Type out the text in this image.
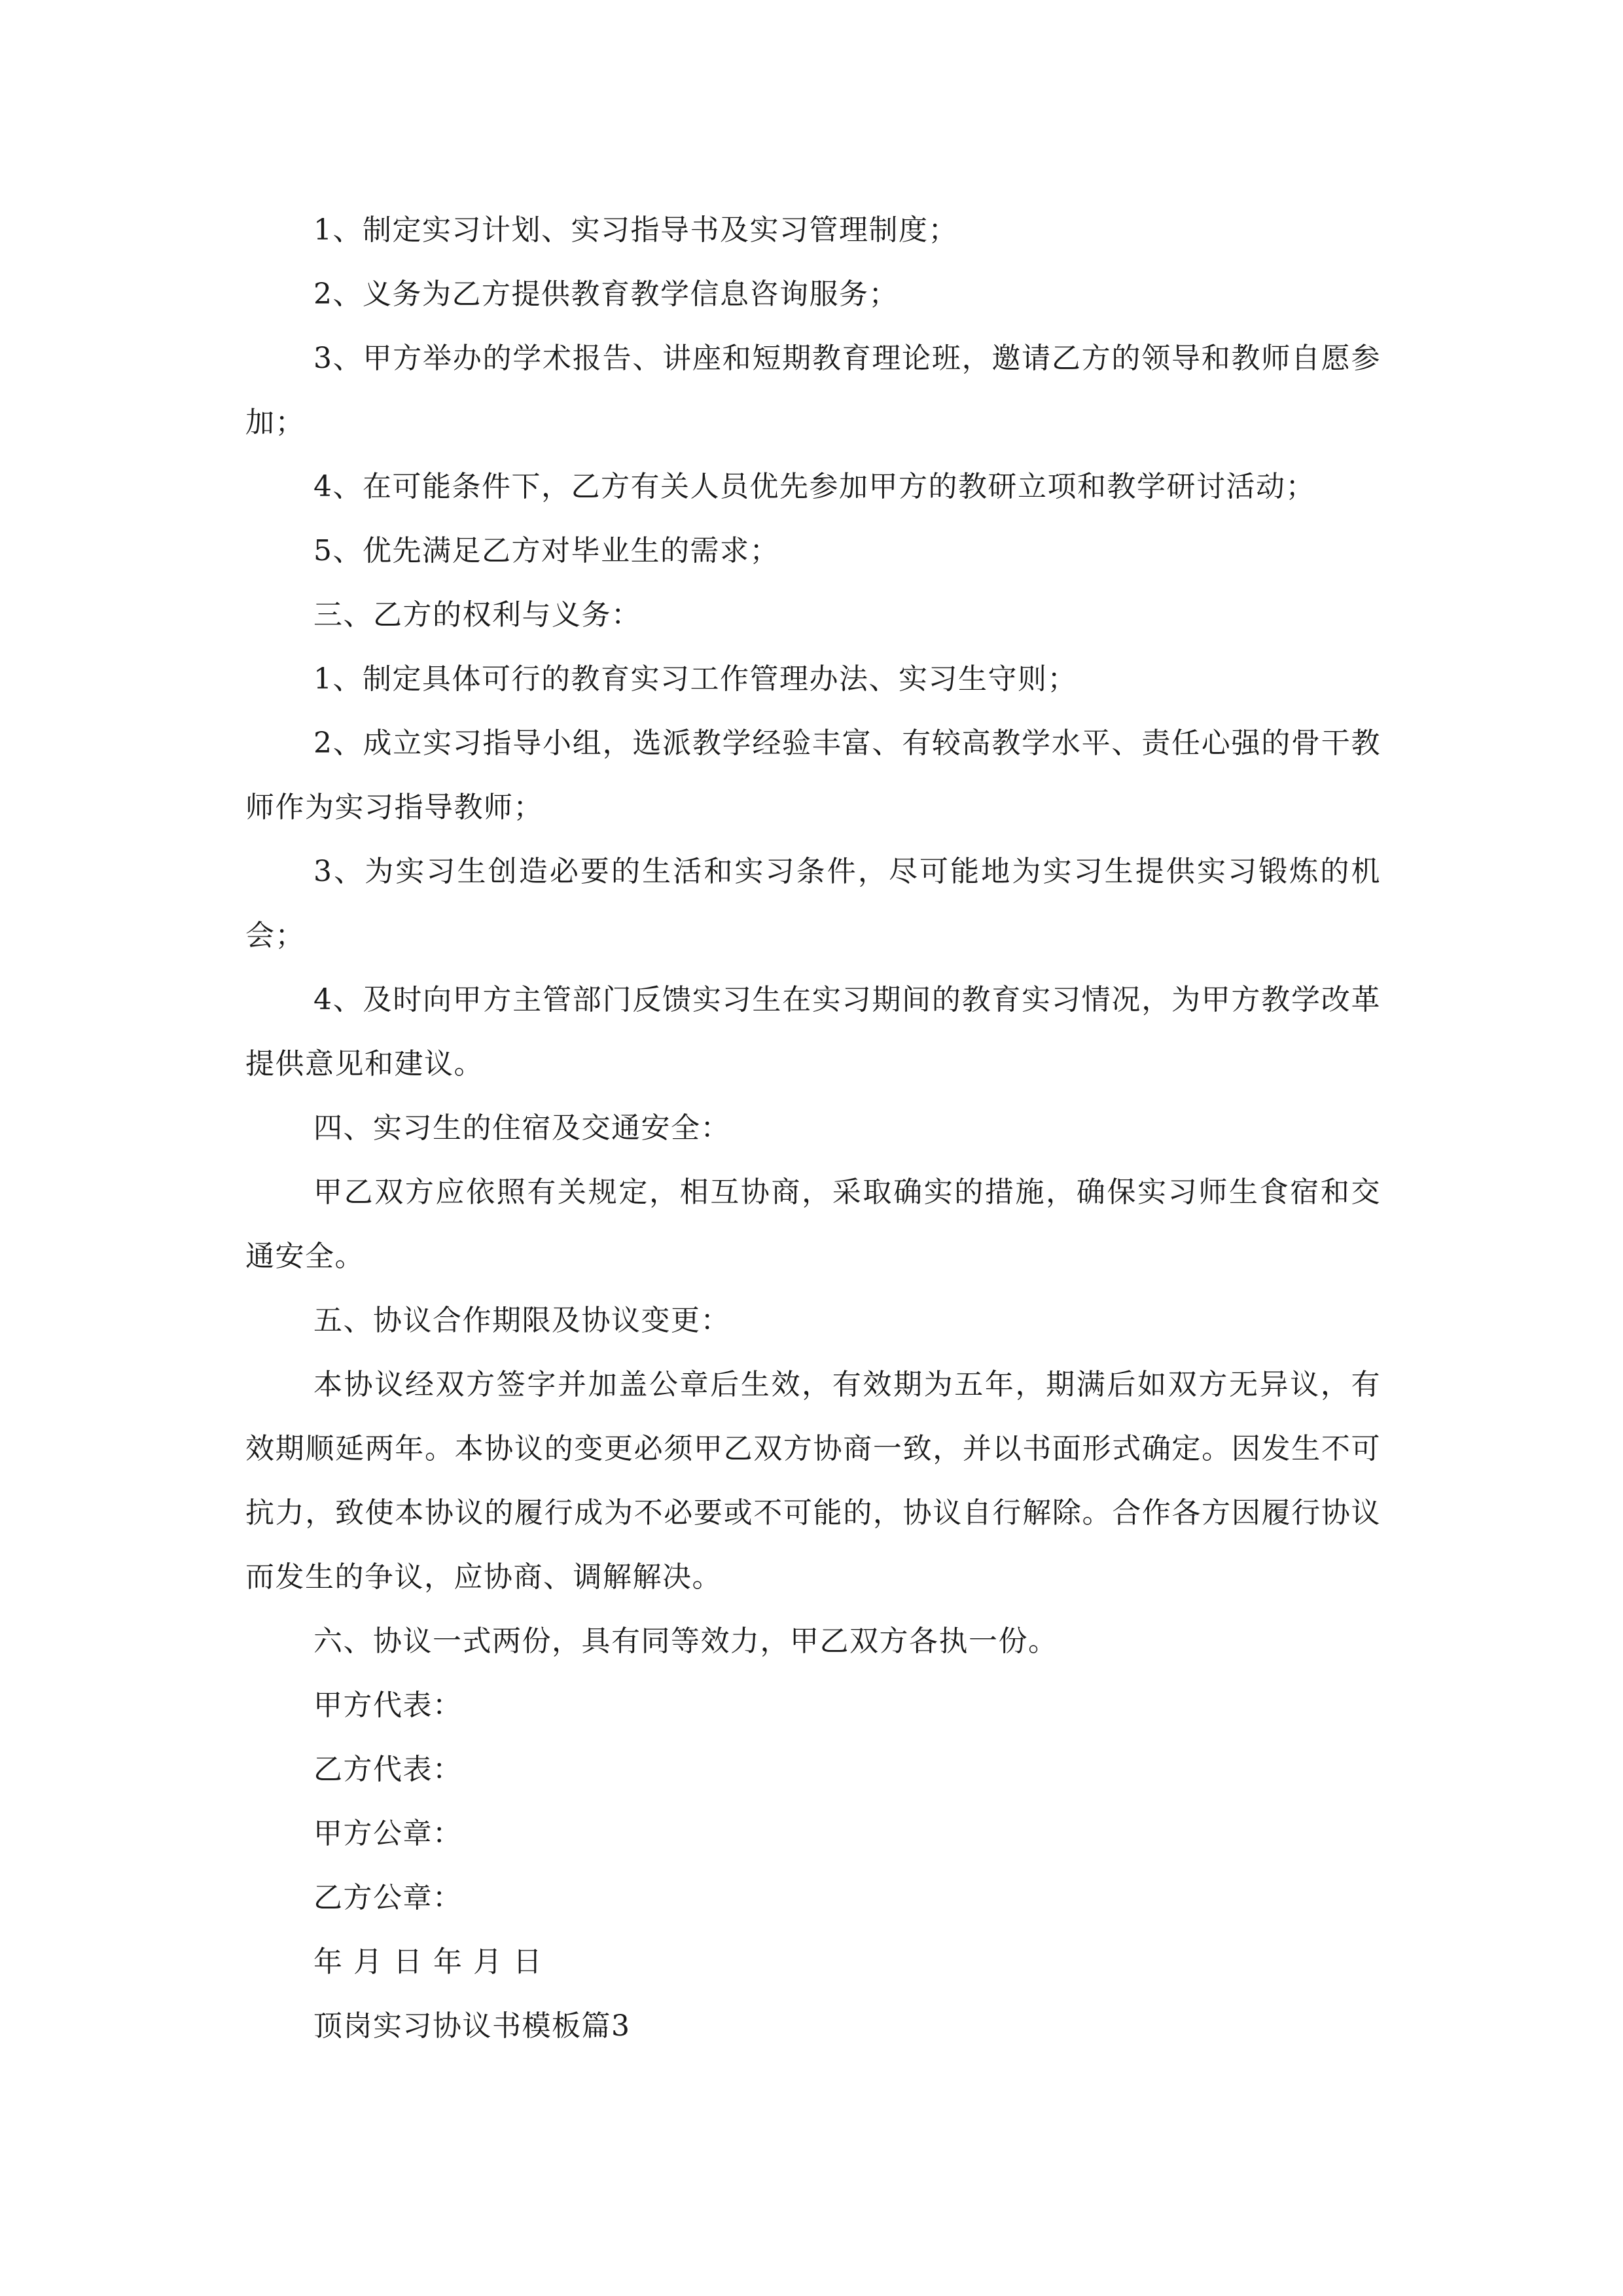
1、制定实习计划、实习指导书及实习管理制度；

2、义务为乙方提供教育教学信息咨询服务；

3、甲方举办的学术报告、讲座和短期教育理论班，邀请乙方的领导和教师自愿参加；

4、在可能条件下，乙方有关人员优先参加甲方的教研立项和教学研讨活动；

5、优先满足乙方对毕业生的需求；

三、乙方的权利与义务：

1、制定具体可行的教育实习工作管理办法、实习生守则；

2、成立实习指导小组，选派教学经验丰富、有较高教学水平、责任心强的骨干教师作为实习指导教师；

3、为实习生创造必要的生活和实习条件，尽可能地为实习生提供实习锻炼的机会；

4、及时向甲方主管部门反馈实习生在实习期间的教育实习情况，为甲方教学改革提供意见和建议。

四、实习生的住宿及交通安全：

甲乙双方应依照有关规定，相互协商，采取确实的措施，确保实习师生食宿和交通安全。

五、协议合作期限及协议变更：

本协议经双方签字并加盖公章后生效，有效期为五年，期满后如双方无异议，有效期顺延两年。本协议的变更必须甲乙双方协商一致，并以书面形式确定。因发生不可抗力，致使本协议的履行成为不必要或不可能的，协议自行解除。合作各方因履行协议而发生的争议，应协商、调解解决。

六、协议一式两份，具有同等效力，甲乙双方各执一份。

甲方代表：

乙方代表：

甲方公章：

乙方公章：

年 月 日 年 月 日

顶岗实习协议书模板篇3
